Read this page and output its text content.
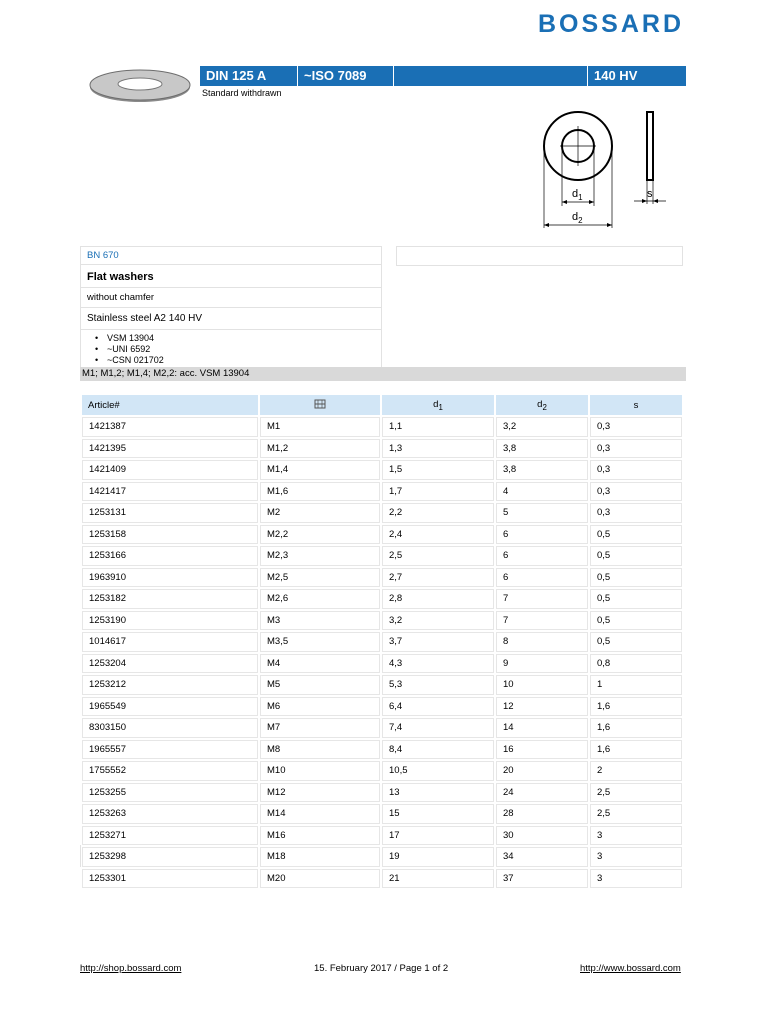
BOSSARD
DIN 125 A	~ISO 7089	140 HV
Standard withdrawn
$d_1$
$d_2$
s
BN 670
Flat washers
without chamfer
Stainless steel A2 140 HV
• VSM 13904
• ~UNI 6592
• ~CSN 021702
M1; M1,2; M1,4; M2,2: acc. VSM 13904
Article#		$d_1$	$d_2$	s
1421387	M1	1,1	3,2	0,3
1421395	M1,2	1,3	3,8	0,3
1421409	M1,4	1,5	3,8	0,3
1421417	M1,6	1,7	4	0,3
1253131	M2	2,2	5	0,3
1253158	M2,2	2,4	6	0,5
1253166	M2,3	2,5	6	0,5
1963910	M2,5	2,7	6	0,5
1253182	M2,6	2,8	7	0,5
1253190	M3	3,2	7	0,5
1014617	M3,5	3,7	8	0,5
1253204	M4	4,3	9	0,8
1253212	M5	5,3	10	1
1965549	M6	6,4	12	1,6
8303150	M7	7,4	14	1,6
1965557	M8	8,4	16	1,6
1755552	M10	10,5	20	2
1253255	M12	13	24	2,5
1253263	M14	15	28	2,5
1253271	M16	17	30	3
1253298	M18	19	34	3
1253301	M20	21	37	3
http://shop.bossard.com	15. February 2017 / Page 1 of 2	http://www.bossard.com
